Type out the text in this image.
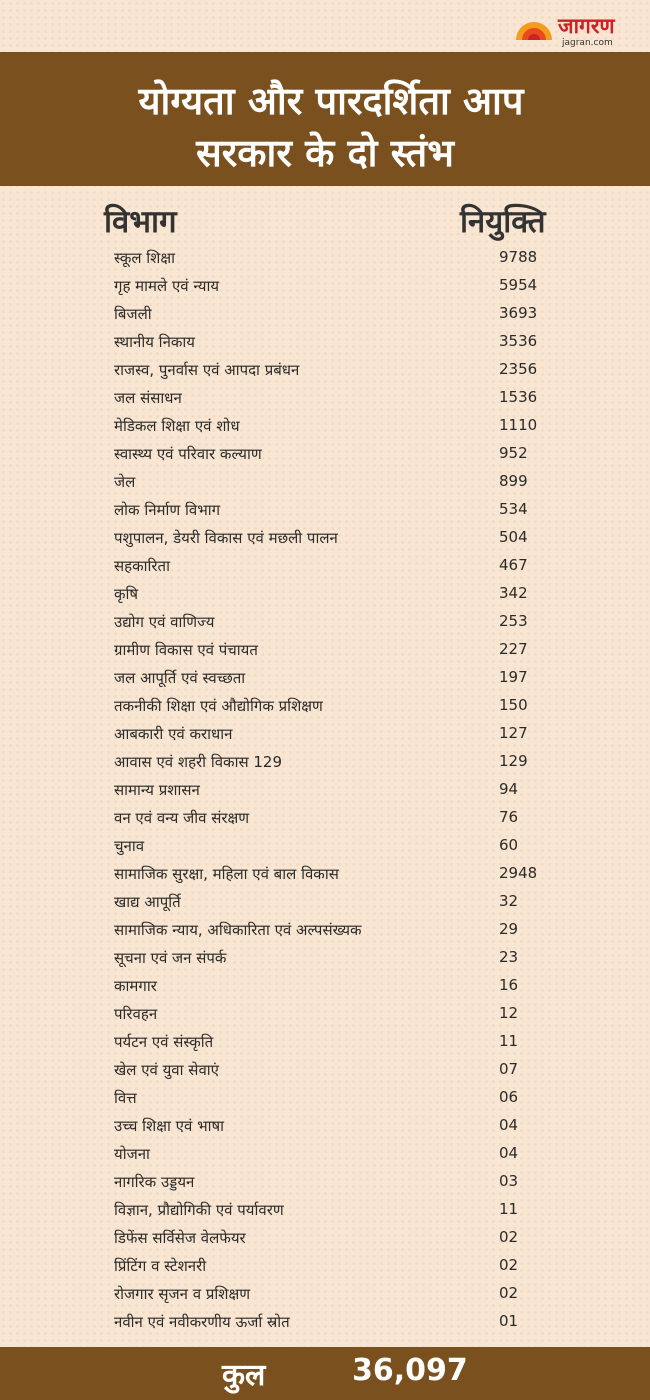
जागरण
jagran.com
योग्यता और पारदर्शिता आप
सरकार के दो स्तंभ
विभाग	नियुक्ति
स्कूल शिक्षा	9788
गृह मामले एवं न्याय	5954
बिजली	3693
स्थानीय निकाय	3536
राजस्व, पुनर्वास एवं आपदा प्रबंधन	2356
जल संसाधन	1536
मेडिकल शिक्षा एवं शोध	1110
स्वास्थ्य एवं परिवार कल्याण	952
जेल	899
लोक निर्माण विभाग	534
पशुपालन, डेयरी विकास एवं मछली पालन	504
सहकारिता	467
कृषि	342
उद्योग एवं वाणिज्य	253
ग्रामीण विकास एवं पंचायत	227
जल आपूर्ति एवं स्वच्छता	197
तकनीकी शिक्षा एवं औद्योगिक प्रशिक्षण	150
आबकारी एवं कराधान	127
आवास एवं शहरी विकास 129	129
सामान्य प्रशासन	94
वन एवं वन्य जीव संरक्षण	76
चुनाव	60
सामाजिक सुरक्षा, महिला एवं बाल विकास	2948
खाद्य आपूर्ति	32
सामाजिक न्याय, अधिकारिता एवं अल्पसंख्यक	29
सूचना एवं जन संपर्क	23
कामगार	16
परिवहन	12
पर्यटन एवं संस्कृति	11
खेल एवं युवा सेवाएं	07
वित्त	06
उच्च शिक्षा एवं भाषा	04
योजना	04
नागरिक उड्डयन	03
विज्ञान, प्रौद्योगिकी एवं पर्यावरण	11
डिफेंस सर्विसेज वेलफेयर	02
प्रिंटिंग व स्टेशनरी	02
रोजगार सृजन व प्रशिक्षण	02
नवीन एवं नवीकरणीय ऊर्जा स्रोत	01
कुल	36,097
